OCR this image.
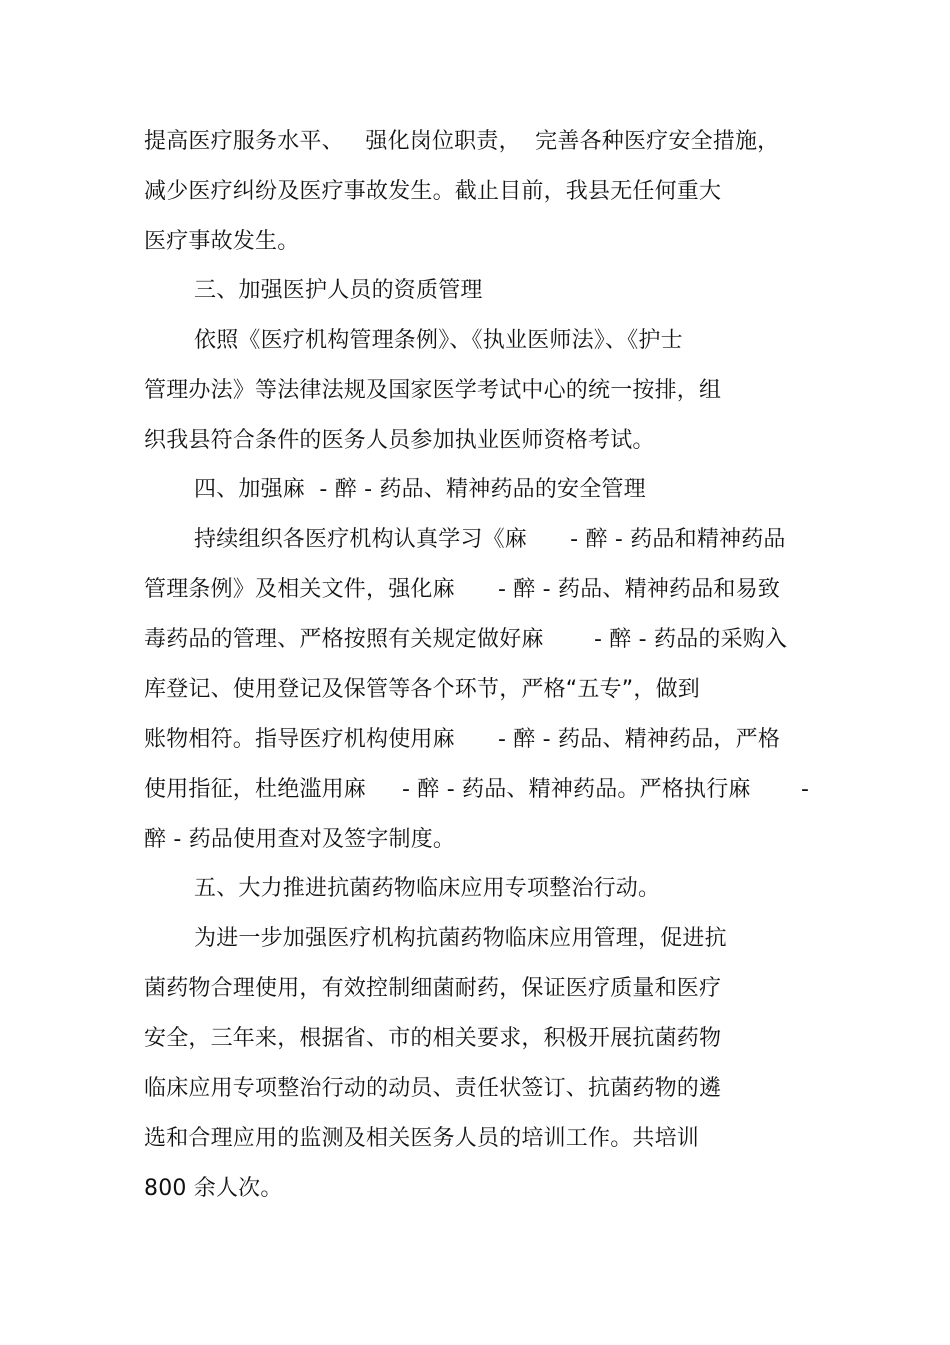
提高医疗服务水平、   强化岗位职责，  完善各种医疗安全措施，
减少医疗纠纷及医疗事故发生。截止目前，我县无任何重大
医疗事故发生。
三、加强医护人员的资质管理
依照《医疗机构管理条例》、《执业医师法》、《护士
管理办法》等法律法规及国家医学考试中心的统一按排，组
织我县符合条件的医务人员参加执业医师资格考试。
四、加强麻  - 醉 - 药品、精神药品的安全管理
持续组织各医疗机构认真学习《麻      - 醉 - 药品和精神药品
管理条例》及相关文件，强化麻      - 醉 - 药品、精神药品和易致
毒药品的管理、严格按照有关规定做好麻       - 醉 - 药品的采购入
库登记、使用登记及保管等各个环节，严格“五专”，做到
账物相符。指导医疗机构使用麻      - 醉 - 药品、精神药品，严格
使用指征，杜绝滥用麻     - 醉 - 药品、精神药品。严格执行麻       -
醉 - 药品使用查对及签字制度。
五、大力推进抗菌药物临床应用专项整治行动。
为进一步加强医疗机构抗菌药物临床应用管理，促进抗
菌药物合理使用，有效控制细菌耐药，保证医疗质量和医疗
安全，三年来，根据省、市的相关要求，积极开展抗菌药物
临床应用专项整治行动的动员、责任状签订、抗菌药物的遴
选和合理应用的监测及相关医务人员的培训工作。共培训
800 余人次。
